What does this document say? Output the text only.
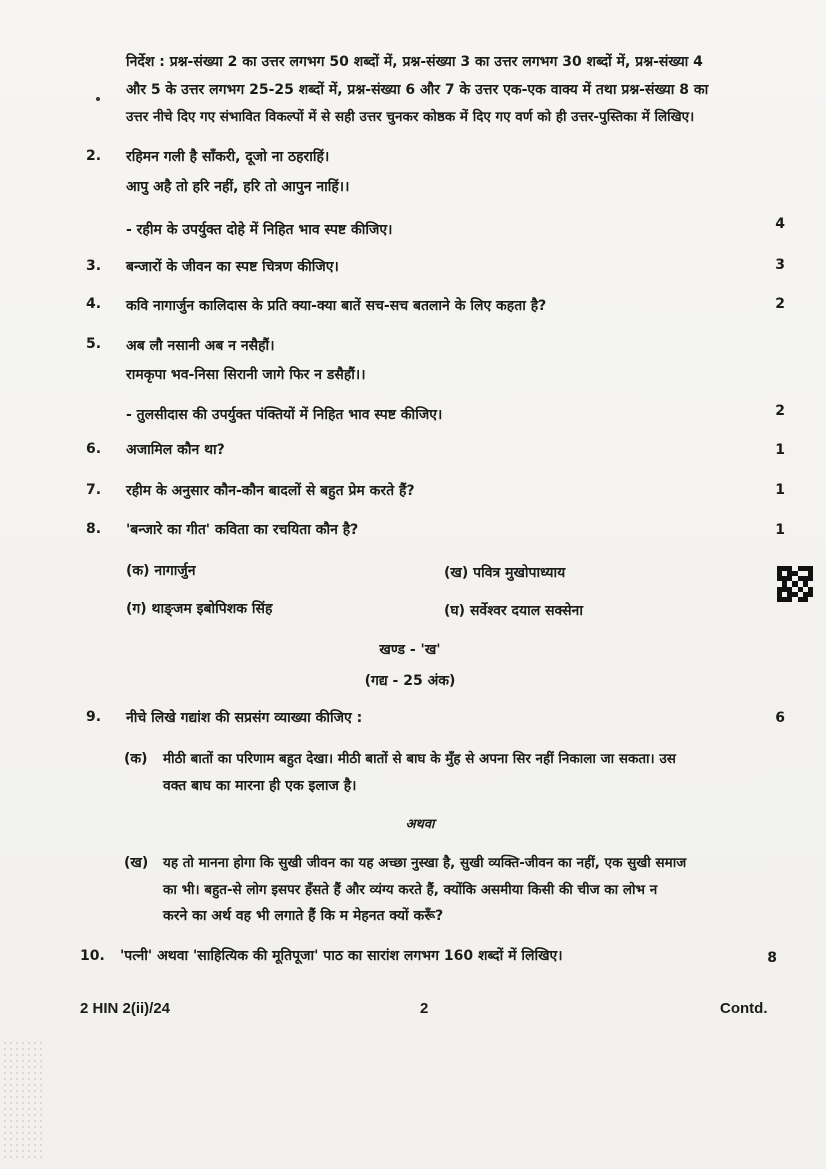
निर्देश : प्रश्न-संख्या 2 का उत्तर लगभग 50 शब्दों में, प्रश्न-संख्या 3 का उत्तर लगभग 30 शब्दों में, प्रश्न-संख्या 4
और 5 के उत्तर लगभग 25-25 शब्दों में, प्रश्न-संख्या 6 और 7 के उत्तर एक-एक वाक्य में तथा प्रश्न-संख्या 8 का
उत्तर नीचे दिए गए संभावित विकल्पों में से सही उत्तर चुनकर कोष्ठक में दिए गए वर्ण को ही उत्तर-पुस्तिका में लिखिए।
2. रहिमन गली है साँकरी, दूजो ना ठहराहिं।
आपु अहै तो हरि नहीं, हरि तो आपुन नाहिं।।
- रहीम के उपर्युक्त दोहे में निहित भाव स्पष्ट कीजिए।	4
3. बन्जारों के जीवन का स्पष्ट चित्रण कीजिए।	3
4. कवि नागार्जुन कालिदास के प्रति क्या-क्या बातें सच-सच बतलाने के लिए कहता है?	2
5. अब लौ नसानी अब न नसैहौं।
रामकृपा भव-निसा सिरानी जागे फिर न डसैहौं।।
- तुलसीदास की उपर्युक्त पंक्तियों में निहित भाव स्पष्ट कीजिए।	2
6. अजामिल कौन था?	1
7. रहीम के अनुसार कौन-कौन बादलों से बहुत प्रेम करते हैं?	1
8. 'बन्जारे का गीत' कविता का रचयिता कौन है?	1
(क) नागार्जुन	(ख) पवित्र मुखोपाध्याय
(ग) थाङ्जम इबोपिशक सिंह	(घ) सर्वेश्वर दयाल सक्सेना
खण्ड - 'ख'
(गद्य - 25 अंक)
9. नीचे लिखे गद्यांश की सप्रसंग व्याख्या कीजिए :	6
(क) मीठी बातों का परिणाम बहुत देखा। मीठी बातों से बाघ के मुँह से अपना सिर नहीं निकाला जा सकता। उस
वक्त बाघ का मारना ही एक इलाज है।
अथवा
(ख) यह तो मानना होगा कि सुखी जीवन का यह अच्छा नुस्खा है, सुखी व्यक्ति-जीवन का नहीं, एक सुखी समाज
का भी। बहुत-से लोग इसपर हँसते हैं और व्यंग्य करते हैं, क्योंकि असमीया किसी की चीज का लोभ न
करने का अर्थ वह भी लगाते हैं कि म मेहनत क्यों करूँ?
10. 'पत्नी' अथवा 'साहित्यिक की मूतिपूजा' पाठ का सारांश लगभग 160 शब्दों में लिखिए।	8
2 HIN 2(ii)/24	2	Contd.
